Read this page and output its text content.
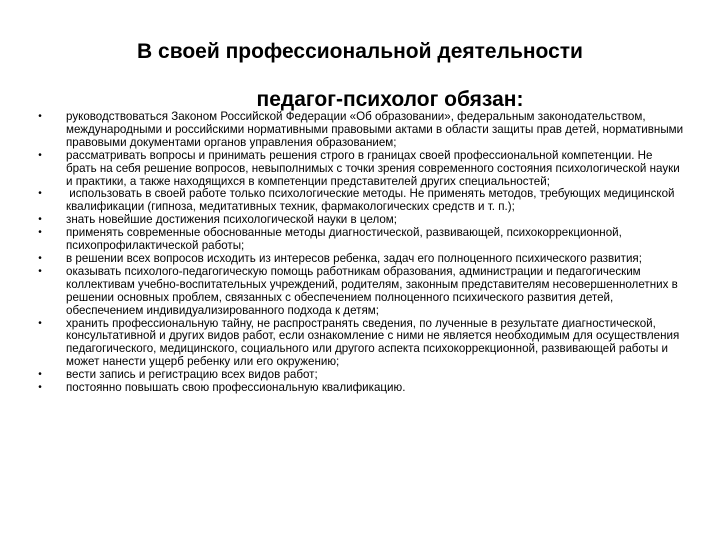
В своей профессиональной деятельности
педагог-психолог обязан:
• руководствоваться Законом Российской Федерации «Об образовании», федеральным законодательством, международными и российскими нормативными правовыми актами в области защиты прав детей, нормативными правовыми документами органов управления образованием;
• рассматривать вопросы и принимать решения строго в границах своей профессиональной компетенции. Не брать на себя решение вопросов, невыполнимых с точки зрения современного состояния психологической науки и практики, а также находящихся в компетенции представителей других специальностей;
• использовать в своей работе только психологические методы. Не применять методов, требующих медицинской квалификации (гипноза, медитативных техник, фармакологических средств и т. п.);
• знать новейшие достижения психологической науки в целом;
• применять современные обоснованные методы диагностической, развивающей, психокоррекционной, психопрофилактической работы;
• в решении всех вопросов исходить из интересов ребенка, задач его полноценного психического развития;
• оказывать психолого-педагогическую помощь работникам образования, администрации и педагогическим коллективам учебно-воспитательных учреждений, родителям, законным представителям несовершеннолетних в решении основных проблем, связанных с обеспечением полноценного психического развития детей, обеспечением индивидуализированного подхода к детям;
• хранить профессиональную тайну, не распространять сведения, по лученные в результате диагностической, консультативной и других видов работ, если ознакомление с ними не является необходимым для осуществления педагогического, медицинского, социального или другого аспекта психокоррекционной, развивающей работы и может нанести ущерб ребенку или его окружению;
• вести запись и регистрацию всех видов работ;
• постоянно повышать свою профессиональную квалификацию.
